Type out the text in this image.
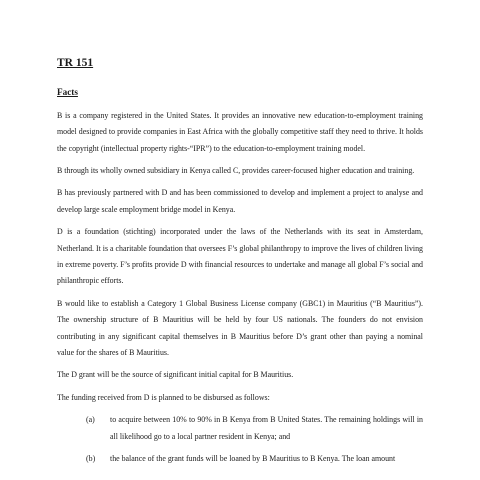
TR 151
Facts

B is a company registered in the United States. It provides an innovative new education-to-employment training model designed to provide companies in East Africa with the globally competitive staff they need to thrive. It holds the copyright (intellectual property rights-“IPR”) to the education-to-employment training model.

B through its wholly owned subsidiary in Kenya called C, provides career-focused higher education and training.

B has previously partnered with D and has been commissioned to develop and implement a project to analyse and develop large scale employment bridge model in Kenya.

D is a foundation (stichting) incorporated under the laws of the Netherlands with its seat in Amsterdam, Netherland. It is a charitable foundation that oversees F’s global philanthropy to improve the lives of children living in extreme poverty. F’s profits provide D with financial resources to undertake and manage all global F’s social and philanthropic efforts.

B would like to establish a Category 1 Global Business License company (GBC1) in Mauritius (“B Mauritius”). The ownership structure of B Mauritius will be held by four US nationals. The founders do not envision contributing in any significant capital themselves in B Mauritius before D’s grant other than paying a nominal value for the shares of B Mauritius.

The D grant will be the source of significant initial capital for B Mauritius.

The funding received from D is planned to be disbursed as follows:

(a)	to acquire between 10% to 90% in B Kenya from B United States. The remaining holdings will in all likelihood go to a local partner resident in Kenya; and
(b)	the balance of the grant funds will be loaned by B Mauritius to B Kenya. The loan amount
